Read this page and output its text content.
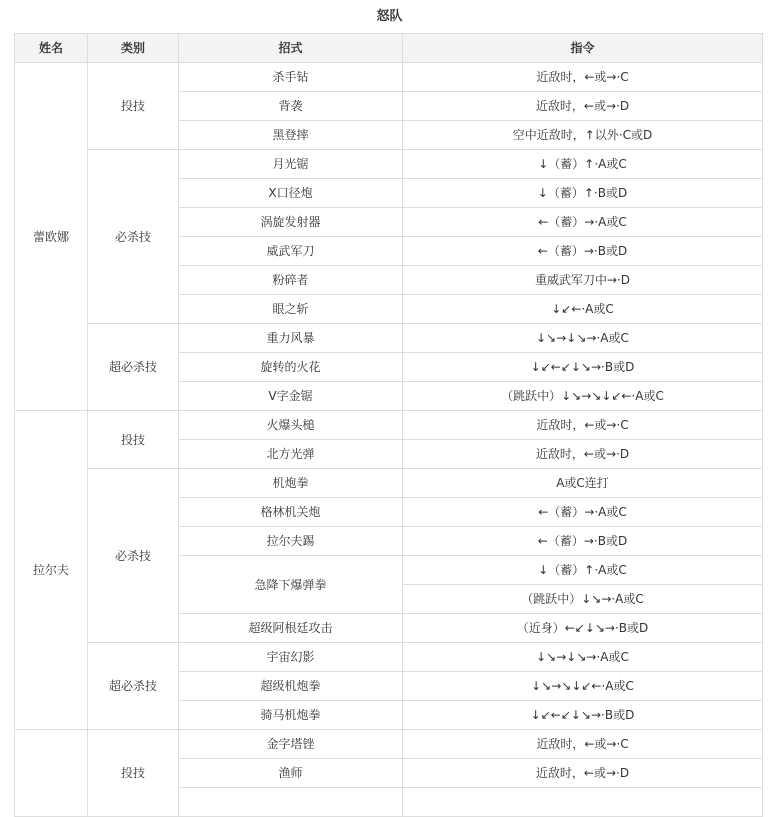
怒队
姓名	类别	招式	指令
蕾欧娜	投技	杀手钻	近敌时，←或→·C
		背袭	近敌时，←或→·D
		黑登摔	空中近敌时，↑以外·C或D
	必杀技	月光锯	↓（蓄）↑·A或C
		X口径炮	↓（蓄）↑·B或D
		涡旋发射器	←（蓄）→·A或C
		威武军刀	←（蓄）→·B或D
		粉碎者	重威武军刀中→·D
		眼之斩	↓↙←·A或C
	超必杀技	重力风暴	↓↘→↓↘→·A或C
		旋转的火花	↓↙←↙↓↘→·B或D
		V字金锯	（跳跃中）↓↘→↘↓↙←·A或C
拉尔夫	投技	火爆头槌	近敌时，←或→·C
		北方光弹	近敌时，←或→·D
	必杀技	机炮拳	A或C连打
		格林机关炮	←（蓄）→·A或C
		拉尔夫踢	←（蓄）→·B或D
		急降下爆弹拳	↓（蓄）↑·A或C
			（跳跃中）↓↘→·A或C
		超级阿根廷攻击	（近身）←↙↓↘→·B或D
	超必杀技	宇宙幻影	↓↘→↓↘→·A或C
		超级机炮拳	↓↘→↘↓↙←·A或C
		骑马机炮拳	↓↙←↙↓↘→·B或D
	投技	金字塔锉	近敌时，←或→·C
		渔师	近敌时，←或→·D
